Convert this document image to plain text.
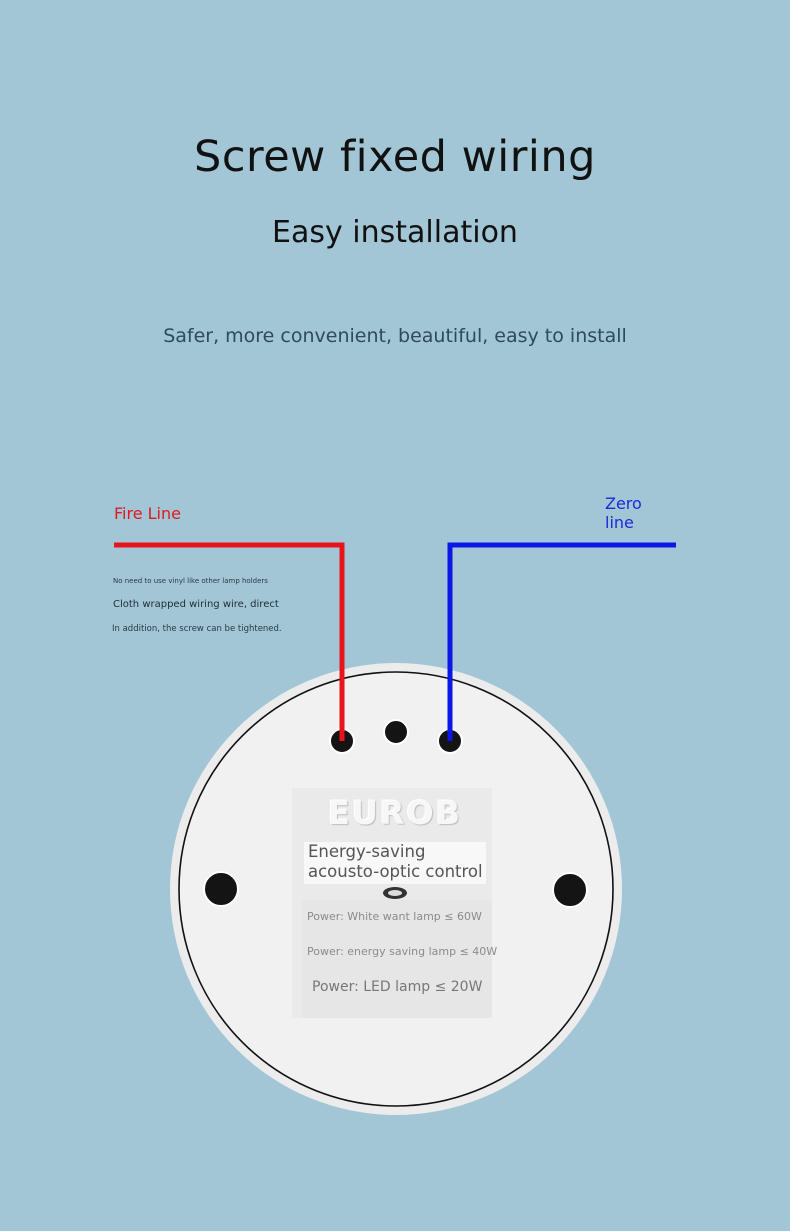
Screw fixed wiring
Easy installation
Safer, more convenient, beautiful, easy to install
Fire Line
Zero line
No need to use vinyl like other lamp holders
Cloth wrapped wiring wire, direct
In addition, the screw can be tightened.
EUROB
Energy-saving acousto-optic control
Power: White want lamp ≤ 60W
Power: energy saving lamp ≤ 40W
Power: LED lamp ≤ 20W
